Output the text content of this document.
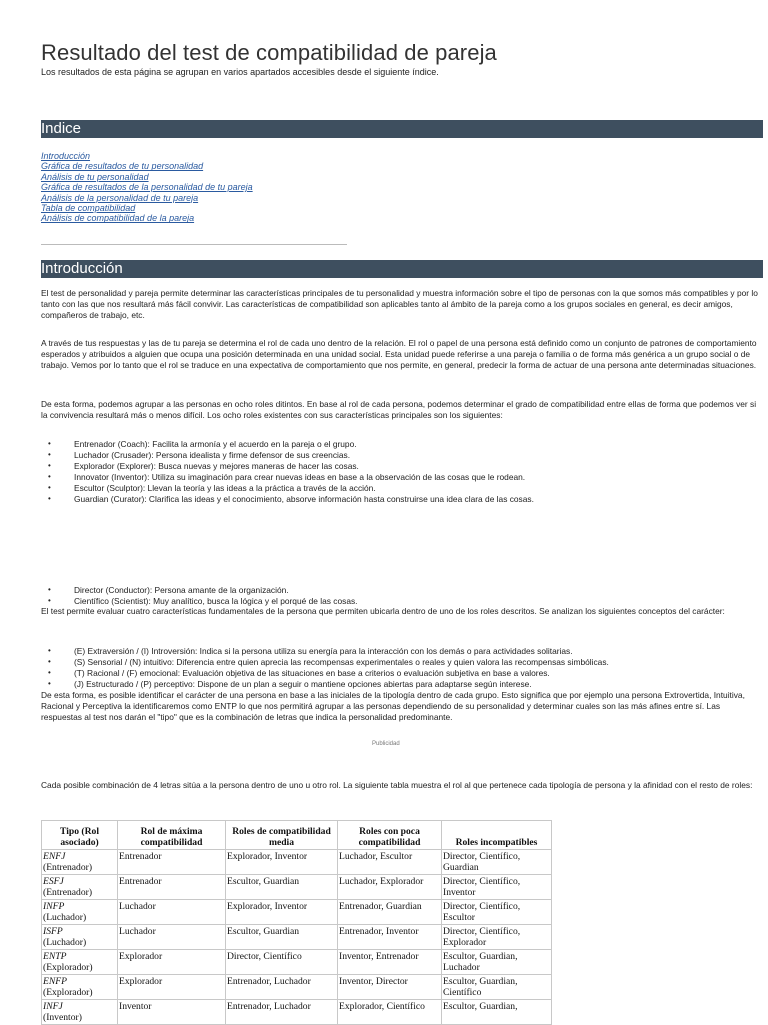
Resultado del test de compatibilidad de pareja
Los resultados de esta página se agrupan en varios apartados accesibles desde el siguiente índice.
Indice
Introducción
Gráfica de resultados de tu personalidad
Análisis de tu personalidad
Gráfica de resultados de la personalidad de tu pareja
Análisis de la personalidad de tu pareja
Tabla de compatibilidad
Análisis de compatibilidad de la pareja
Introducción

El test de personalidad y pareja permite determinar las características principales de tu personalidad y muestra información sobre el tipo de personas con la que somos más compatibles y por lo tanto con las que nos resultará más fácil convivir. Las características de compatibilidad son aplicables tanto al ámbito de la pareja como a los grupos sociales en general, es decir amigos, compañeros de trabajo, etc.

A través de tus respuestas y las de tu pareja se determina el rol de cada uno dentro de la relación. El rol o papel de una persona está definido como un conjunto de patrones de comportamiento esperados y atribuidos a alguien que ocupa una posición determinada en una unidad social. Esta unidad puede referirse a una pareja o familia o de forma más genérica a un grupo social o de trabajo. Vemos por lo tanto que el rol se traduce en una expectativa de comportamiento que nos permite, en general, predecir la forma de actuar de una persona ante determinadas situaciones.

De esta forma, podemos agrupar a las personas en ocho roles ditintos. En base al rol de cada persona, podemos determinar el grado de compatibilidad entre ellas de forma que podemos ver si la convivencia resultará más o menos difícil. Los ocho roles existentes con sus características principales son los siguientes:

• Entrenador (Coach): Facilita la armonía y el acuerdo en la pareja o el grupo.
• Luchador (Crusader): Persona idealista y firme defensor de sus creencias.
• Explorador (Explorer): Busca nuevas y mejores maneras de hacer las cosas.
• Innovator (Inventor): Utiliza su imaginación para crear nuevas ideas en base a la observación de las cosas que le rodean.
• Escultor (Sculptor): Llevan la teoría y las ideas a la práctica a través de la acción.
• Guardian (Curator): Clarifica las ideas y el conocimiento, absorve información hasta construirse una idea clara de las cosas.
• Director (Conductor): Persona amante de la organización.
• Científico (Scientist): Muy analítico, busca la lógica y el porqué de las cosas.

El test permite evaluar cuatro características fundamentales de la persona que permiten ubicarla dentro de uno de los roles descritos. Se analizan los siguientes conceptos del carácter:

• (E) Extraversión / (I) Introversión: Indica si la persona utiliza su energía para la interacción con los demás o para actividades solitarias.
• (S) Sensorial / (N) intuitivo: Diferencia entre quien aprecia las recompensas experimentales o reales y quien valora las recompensas simbólicas.
• (T) Racional / (F) emocional: Evaluación objetiva de las situaciones en base a criterios o evaluación subjetiva en base a valores.
• (J) Estructurado / (P) perceptivo: Dispone de un plan a seguir o mantiene opciones abiertas para adaptarse según interese.

De esta forma, es posible identificar el carácter de una persona en base a las iniciales de la tipología dentro de cada grupo. Esto significa que por ejemplo una persona Extrovertida, Intuitiva, Racional y Perceptiva la identificaremos como ENTP lo que nos permitirá agrupar a las personas dependiendo de su personalidad y determinar cuales son las más afines entre sí. Las respuestas al test nos darán el "tipo" que es la combinación de letras que indica la personalidad predominante.

Publicidad

Cada posible combinación de 4 letras sitúa a la persona dentro de uno u otro rol. La siguiente tabla muestra el rol al que pertenece cada tipología de persona y la afinidad con el resto de roles:

Tipo (Rol asociado)	Rol de máxima compatibilidad	Roles de compatibilidad media	Roles con poca compatibilidad	Roles incompatibles
ENFJ
(Entrenador)	Entrenador	Explorador, Inventor	Luchador, Escultor	Director, Científico, Guardian
ESFJ
(Entrenador)	Entrenador	Escultor, Guardian	Luchador, Explorador	Director, Científico, Inventor
INFP
(Luchador)	Luchador	Explorador, Inventor	Entrenador, Guardian	Director, Científico, Escultor
ISFP
(Luchador)	Luchador	Escultor, Guardian	Entrenador, Inventor	Director, Científico, Explorador
ENTP
(Explorador)	Explorador	Director, Científico	Inventor, Entrenador	Escultor, Guardian, Luchador
ENFP
(Explorador)	Explorador	Entrenador, Luchador	Inventor, Director	Escultor, Guardian, Científico
INFJ
(Inventor)	Inventor	Entrenador, Luchador	Explorador, Científico	Escultor, Guardian,
